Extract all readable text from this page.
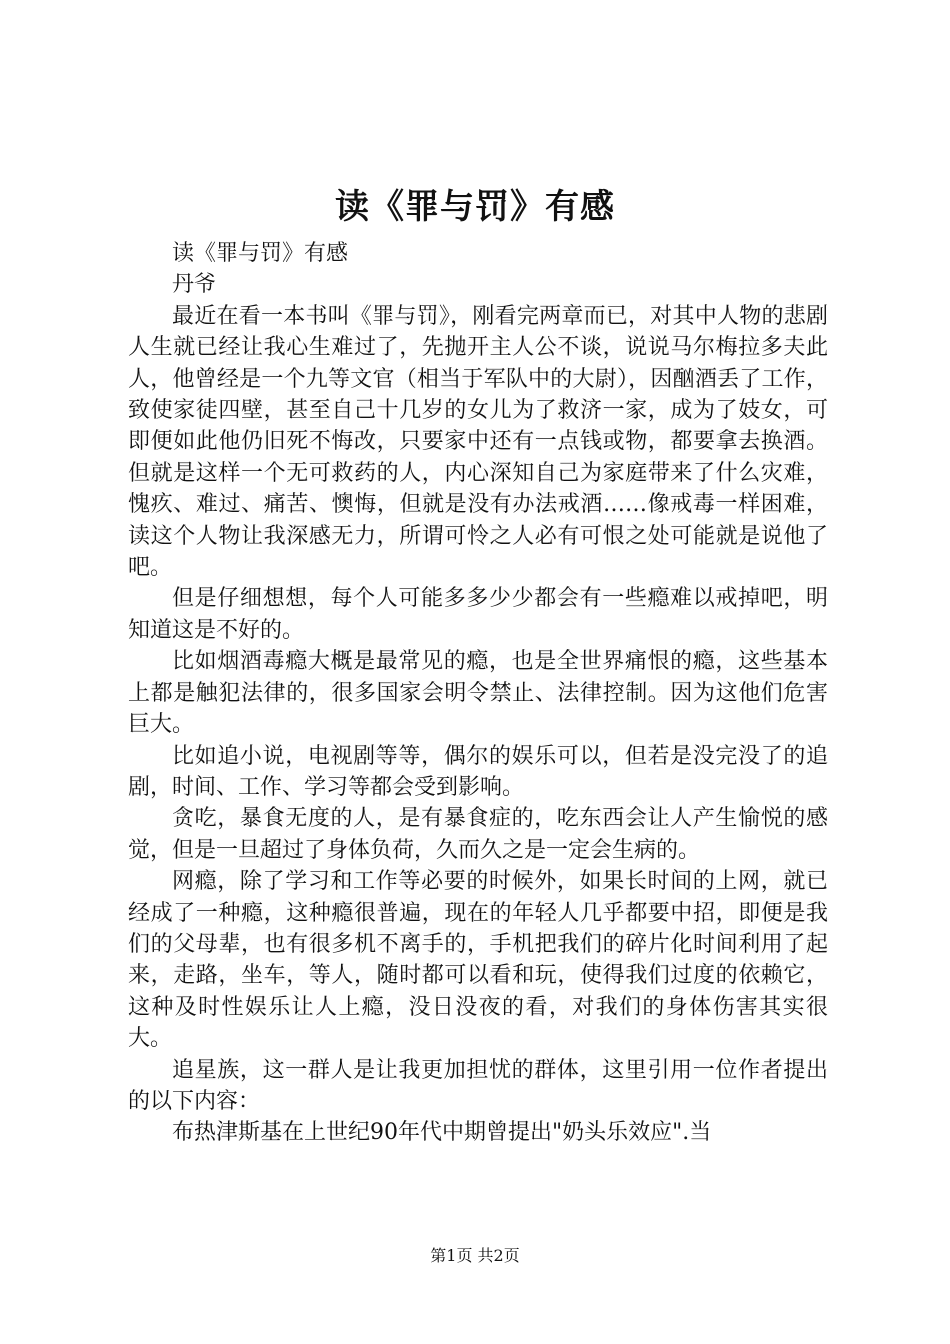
读《罪与罚》有感

读《罪与罚》有感

丹爷

最近在看一本书叫《罪与罚》，刚看完两章而已，对其中人物的悲剧人生就已经让我心生难过了，先抛开主人公不谈，说说马尔梅拉多夫此人，他曾经是一个九等文官（相当于军队中的大尉），因酗酒丢了工作，致使家徒四壁，甚至自己十几岁的女儿为了救济一家，成为了妓女，可即便如此他仍旧死不悔改，只要家中还有一点钱或物，都要拿去换酒。但就是这样一个无可救药的人，内心深知自己为家庭带来了什么灾难，愧疚、难过、痛苦、懊悔，但就是没有办法戒酒……像戒毒一样困难，读这个人物让我深感无力，所谓可怜之人必有可恨之处可能就是说他了吧。

但是仔细想想，每个人可能多多少少都会有一些瘾难以戒掉吧，明知道这是不好的。

比如烟酒毒瘾大概是最常见的瘾，也是全世界痛恨的瘾，这些基本上都是触犯法律的，很多国家会明令禁止、法律控制。因为这他们危害巨大。

比如追小说，电视剧等等，偶尔的娱乐可以，但若是没完没了的追剧，时间、工作、学习等都会受到影响。

贪吃，暴食无度的人，是有暴食症的，吃东西会让人产生愉悦的感觉，但是一旦超过了身体负荷，久而久之是一定会生病的。

网瘾，除了学习和工作等必要的时候外，如果长时间的上网，就已经成了一种瘾，这种瘾很普遍，现在的年轻人几乎都要中招，即便是我们的父母辈，也有很多机不离手的，手机把我们的碎片化时间利用了起来，走路，坐车，等人，随时都可以看和玩，使得我们过度的依赖它，这种及时性娱乐让人上瘾，没日没夜的看，对我们的身体伤害其实很大。

追星族，这一群人是让我更加担忧的群体，这里引用一位作者提出的以下内容：

布热津斯基在上世纪90年代中期曾提出"奶头乐效应".当

第1页 共2页
